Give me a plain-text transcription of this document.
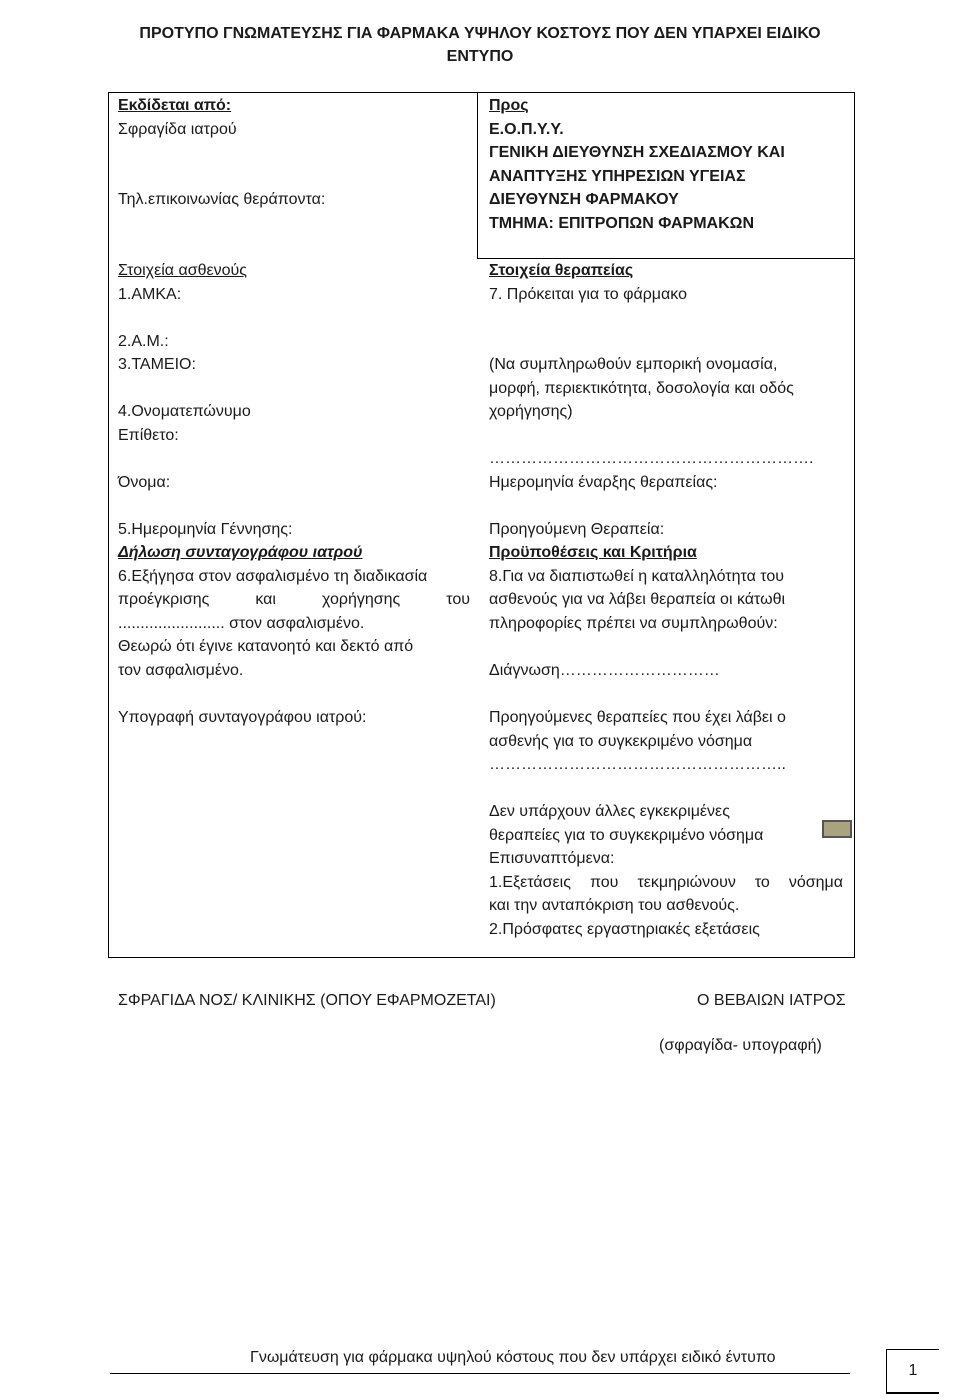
ΠΡΟΤΥΠΟ ΓΝΩΜΑΤΕΥΣΗΣ ΓΙΑ ΦΑΡΜΑΚΑ ΥΨΗΛΟΥ ΚΟΣΤΟΥΣ ΠΟΥ ΔΕΝ ΥΠΑΡΧΕΙ ΕΙΔΙΚΟ
ΕΝΤΥΠΟ
Εκδίδεται από:
Σφραγίδα ιατρού
Τηλ.επικοινωνίας θεράποντα:
Στοιχεία ασθενούς
1.ΑΜΚΑ:
2.Α.Μ.:
3.ΤΑΜΕΙΟ:
4.Ονοματεπώνυμο
Επίθετο:
Όνομα:
5.Ημερομηνία Γέννησης:
Δήλωση συνταγογράφου ιατρού
6.Εξήγησα στον ασφαλισμένο τη διαδικασία
προέγκρισης και χορήγησης του
........................ στον ασφαλισμένο.
Θεωρώ ότι έγινε κατανοητό και δεκτό από
τον ασφαλισμένο.
Υπογραφή συνταγογράφου ιατρού:
Προς
Ε.Ο.Π.Υ.Υ.
ΓΕΝΙΚΗ ΔΙΕΥΘΥΝΣΗ ΣΧΕΔΙΑΣΜΟΥ ΚΑΙ
ΑΝΑΠΤΥΞΗΣ ΥΠΗΡΕΣΙΩΝ ΥΓΕΙΑΣ
ΔΙΕΥΘΥΝΣΗ ΦΑΡΜΑΚΟΥ
ΤΜΗΜΑ: ΕΠΙΤΡΟΠΩΝ ΦΑΡΜΑΚΩΝ
Στοιχεία θεραπείας
7. Πρόκειται για το φάρμακο
(Να συμπληρωθούν εμπορική ονομασία,
μορφή, περιεκτικότητα, δοσολογία και οδός
χορήγησης)
…………………………………………………….
Ημερομηνία έναρξης θεραπείας:
Προηγούμενη Θεραπεία:
Προϋποθέσεις και Κριτήρια
8.Για να διαπιστωθεί η καταλληλότητα του
ασθενούς για να λάβει θεραπεία οι κάτωθι
πληροφορίες πρέπει να συμπληρωθούν:
Διάγνωση…………………………
Προηγούμενες θεραπείες που έχει λάβει ο
ασθενής για το συγκεκριμένο νόσημα
………………………………………………..
Δεν υπάρχουν άλλες εγκεκριμένες
θεραπείες για το συγκεκριμένο νόσημα
Επισυναπτόμενα:
1.Εξετάσεις που τεκμηριώνουν το νόσημα
και την ανταπόκριση του ασθενούς.
2.Πρόσφατες εργαστηριακές εξετάσεις
ΣΦΡΑΓΙΔΑ ΝΟΣ/ ΚΛΙΝΙΚΗΣ (ΟΠΟΥ ΕΦΑΡΜΟΖΕΤΑΙ)	Ο ΒΕΒΑΙΩΝ ΙΑΤΡΟΣ
(σφραγίδα- υπογραφή)
Γνωμάτευση για φάρμακα υψηλού κόστους που δεν υπάρχει ειδικό έντυπο
1
